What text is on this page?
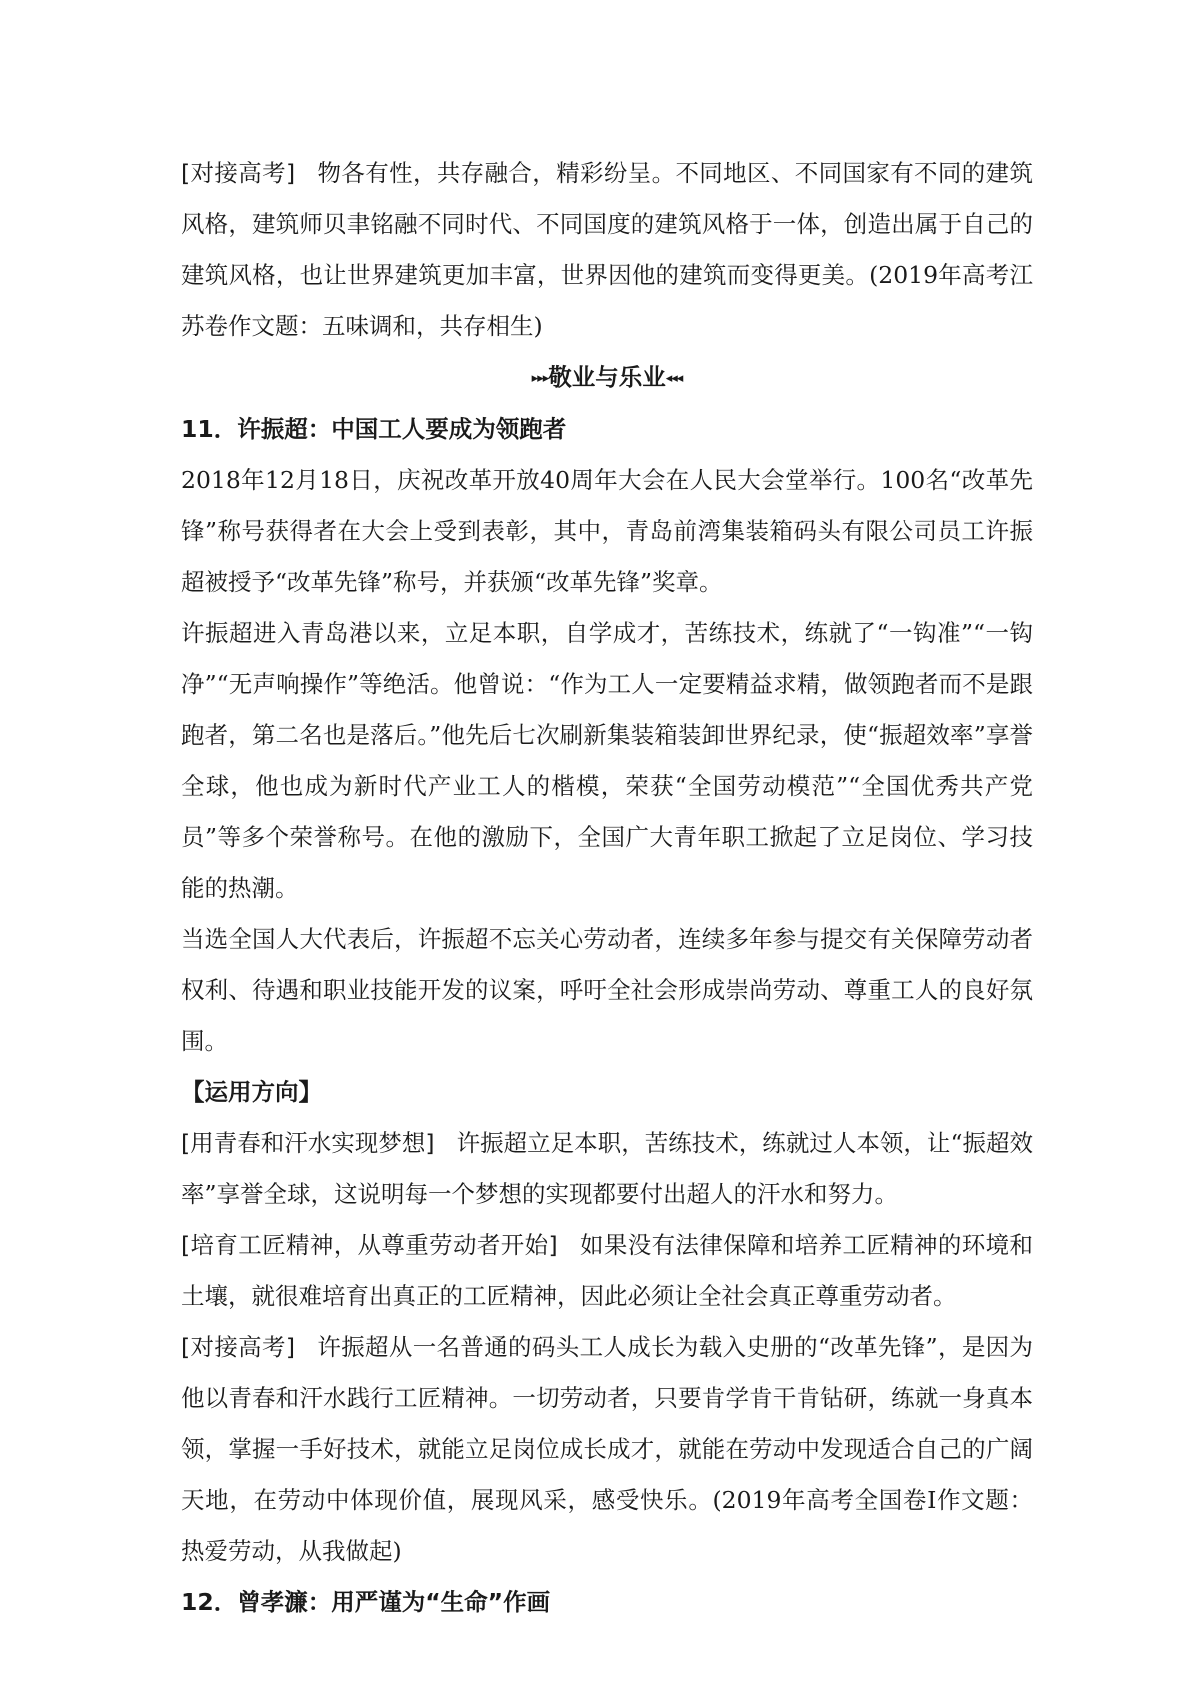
[对接高考] 物各有性，共存融合，精彩纷呈。不同地区、不同国家有不同的建筑风格，建筑师贝聿铭融不同时代、不同国度的建筑风格于一体，创造出属于自己的建筑风格，也让世界建筑更加丰富，世界因他的建筑而变得更美。(2019年高考江苏卷作文题：五味调和，共存相生)

▸▸▸敬业与乐业◂◂◂

11．许振超：中国工人要成为领跑者

2018年12月18日，庆祝改革开放40周年大会在人民大会堂举行。100名“改革先锋”称号获得者在大会上受到表彰，其中，青岛前湾集装箱码头有限公司员工许振超被授予“改革先锋”称号，并获颁“改革先锋”奖章。

许振超进入青岛港以来，立足本职，自学成才，苦练技术，练就了“一钩准”“一钩净”“无声响操作”等绝活。他曾说：“作为工人一定要精益求精，做领跑者而不是跟跑者，第二名也是落后。”他先后七次刷新集装箱装卸世界纪录，使“振超效率”享誉全球，他也成为新时代产业工人的楷模，荣获“全国劳动模范”“全国优秀共产党员”等多个荣誉称号。在他的激励下，全国广大青年职工掀起了立足岗位、学习技能的热潮。

当选全国人大代表后，许振超不忘关心劳动者，连续多年参与提交有关保障劳动者权利、待遇和职业技能开发的议案，呼吁全社会形成崇尚劳动、尊重工人的良好氛围。

【运用方向】

[用青春和汗水实现梦想] 许振超立足本职，苦练技术，练就过人本领，让“振超效率”享誉全球，这说明每一个梦想的实现都要付出超人的汗水和努力。

[培育工匠精神，从尊重劳动者开始] 如果没有法律保障和培养工匠精神的环境和土壤，就很难培育出真正的工匠精神，因此必须让全社会真正尊重劳动者。

[对接高考] 许振超从一名普通的码头工人成长为载入史册的“改革先锋”，是因为他以青春和汗水践行工匠精神。一切劳动者，只要肯学肯干肯钻研，练就一身真本领，掌握一手好技术，就能立足岗位成长成才，就能在劳动中发现适合自己的广阔天地，在劳动中体现价值，展现风采，感受快乐。(2019年高考全国卷I作文题：热爱劳动，从我做起)

12．曾孝濂：用严谨为“生命”作画
